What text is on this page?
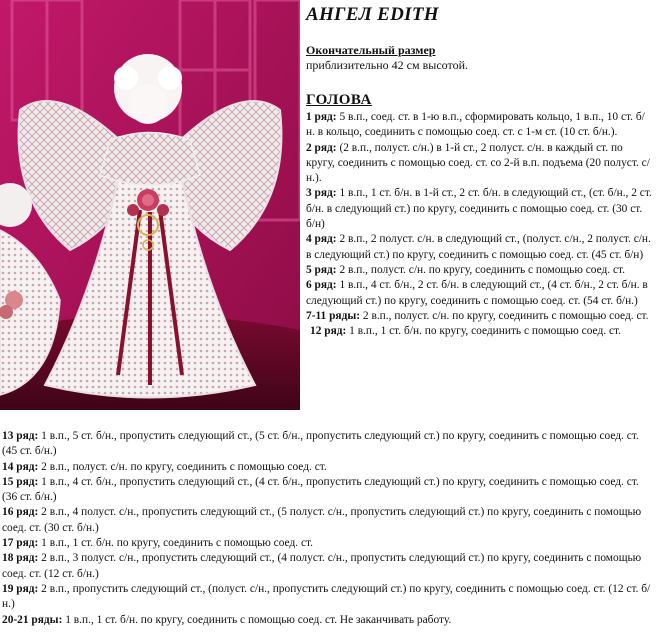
АНГЕЛ EDITH

Окончательный размер

приблизительно 42 см высотой.

ГОЛОВА

1 ряд: 5 в.п., соед. ст. в 1-ю в.п., сформировать кольцо, 1 в.п., 10 ст. б/н. в кольцо, соединить с помощью соед. ст. с 1-м ст. (10 ст. б/н.).

2 ряд: (2 в.п., полуст. с/н.) в 1-й ст., 2 полуст. с/н. в каждый ст. по кругу, соединить с помощью соед. ст. со 2-й в.п. подъема (20 полуст. с/н.).

3 ряд: 1 в.п., 1 ст. б/н. в 1-й ст., 2 ст. б/н. в следующий ст., (ст. б/н., 2 ст. б/н. в следующий ст.) по кругу, соединить с помощью соед. ст. (30 ст. б/н)

4 ряд: 2 в.п., 2 полуст. с/н. в следующий ст., (полуст. с/н., 2 полуст. с/н. в следующий ст.) по кругу, соединить с помощью соед. ст. (45 ст. б/н)

5 ряд: 2 в.п., полуст. с/н. по кругу, соединить с помощью соед. ст.

6 ряд: 1 в.п., 4 ст. б/н., 2 ст. б/н. в следующий ст., (4 ст. б/н., 2 ст. б/н. в следующий ст.) по кругу, соединить с помощью соед. ст. (54 ст. б/н.)

7-11 ряды: 2 в.п., полуст. с/н. по кругу, соединить с помощью соед. ст.

12 ряд: 1 в.п., 1 ст. б/н. по кругу, соединить с помощью соед. ст.

13 ряд: 1 в.п., 5 ст. б/н., пропустить следующий ст., (5 ст. б/н., пропустить следующий ст.) по кругу, соединить с помощью соед. ст. (45 ст. б/н.)

14 ряд: 2 в.п., полуст. с/н. по кругу, соединить с помощью соед. ст.

15 ряд: 1 в.п., 4 ст. б/н., пропустить следующий ст., (4 ст. б/н., пропустить следующий ст.) по кругу, соединить с помощью соед. ст. (36 ст. б/н.)

16 ряд: 2 в.п., 4 полуст. с/н., пропустить следующий ст., (5 полуст. с/н., пропустить следующий ст.) по кругу, соединить с помощью соед. ст. (30 ст. б/н.)

17 ряд: 1 в.п., 1 ст. б/н. по кругу, соединить с помощью соед. ст.

18 ряд: 2 в.п., 3 полуст. с/н., пропустить следующий ст., (4 полуст. с/н., пропустить следующий ст.) по кругу, соединить с помощью соед. ст. (12 ст. б/н.)

19 ряд: 2 в.п., пропустить следующий ст., (полуст. с/н., пропустить следующий ст.) по кругу, соединить с помощью соед. ст. (12 ст. б/н.)

20-21 ряды: 1 в.п., 1 ст. б/н. по кругу, соединить с помощью соед. ст. Не заканчивать работу.
